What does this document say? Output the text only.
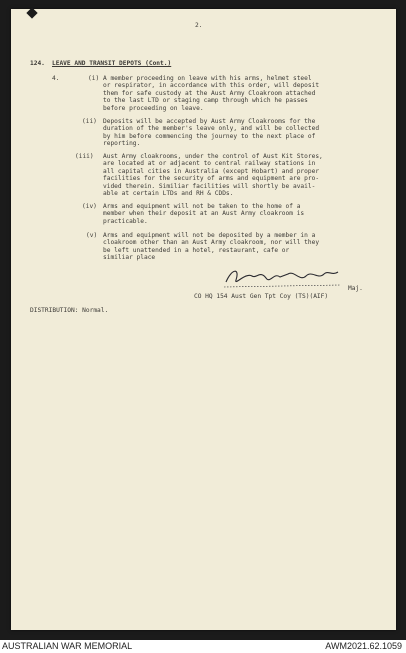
2.
124. LEAVE AND TRANSIT DEPOTS (Cont.)
4.	(i) A member proceeding on leave with his arms, helmet steel
or respirator, in accordance with this order, will deposit
them for safe custody at the Aust Army Cloakroom attached
to the last LTD or staging camp through which he passes
before proceeding on leave.
(ii) Deposits will be accepted by Aust Army Cloakrooms for the
duration of the member's leave only, and will be collected
by him before commencing the journey to the next place of
reporting.
(iii) Aust Army cloakrooms, under the control of Aust Kit Stores,
are located at or adjacent to central railway stations in
all capital cities in Australia (except Hobart) and proper
facilities for the security of arms and equipment are pro-
vided therein. Similiar facilities will shortly be avail-
able at certain LTDs and RH & CDDs.
(iv) Arms and equipment will not be taken to the home of a
member when their deposit at an Aust Army cloakroom is
practicable.
(v) Arms and equipment will not be deposited by a member in a
cloakroom other than an Aust Army cloakroom, nor will they
be left unattended in a hotel, restaurant, cafe or
similiar place
Maj.
CO HQ 154 Aust Gen Tpt Coy (TS)(AIF)
DISTRIBUTION: Normal.
AUSTRALIAN WAR MEMORIAL	AWM2021.62.1059
